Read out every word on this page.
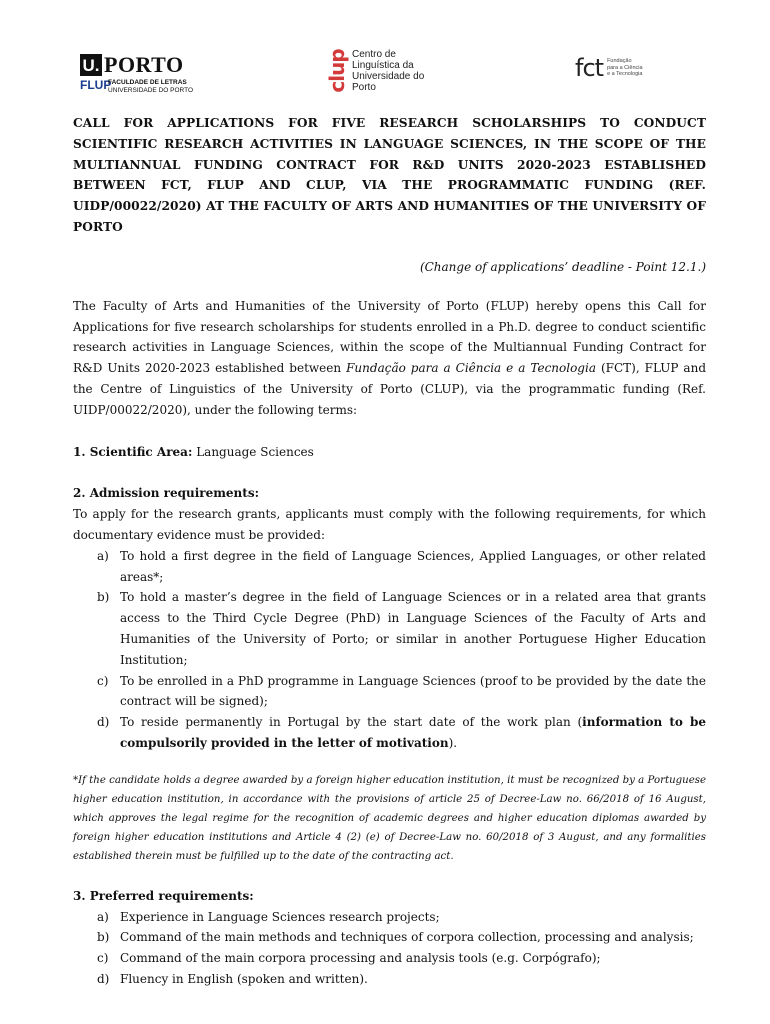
U. PORTO
FLUP
FACULDADE DE LETRAS
UNIVERSIDADE DO PORTO	clup Centro de
Linguística da
Universidade do
Porto
fct Fundação
para a Ciência
e a Tecnologia
CALL FOR APPLICATIONS FOR FIVE RESEARCH SCHOLARSHIPS TO CONDUCT SCIENTIFIC RESEARCH ACTIVITIES IN LANGUAGE SCIENCES, IN THE SCOPE OF THE MULTIANNUAL FUNDING CONTRACT FOR R&D UNITS 2020-2023 ESTABLISHED BETWEEN FCT, FLUP AND CLUP, VIA THE PROGRAMMATIC FUNDING (REF. UIDP/00022/2020) AT THE FACULTY OF ARTS AND HUMANITIES OF THE UNIVERSITY OF PORTO
(Change of applications’ deadline - Point 12.1.)

The Faculty of Arts and Humanities of the University of Porto (FLUP) hereby opens this Call for Applications for five research scholarships for students enrolled in a Ph.D. degree to conduct scientific research activities in Language Sciences, within the scope of the Multiannual Funding Contract for R&D Units 2020-2023 established between Fundação para a Ciência e a Tecnologia (FCT), FLUP and the Centre of Linguistics of the University of Porto (CLUP), via the programmatic funding (Ref. UIDP/00022/2020), under the following terms:

1. Scientific Area: Language Sciences
2. Admission requirements:
To apply for the research grants, applicants must comply with the following requirements, for which documentary evidence must be provided:
a) To hold a first degree in the field of Language Sciences, Applied Languages, or other related areas*;
b) To hold a master’s degree in the field of Language Sciences or in a related area that grants access to the Third Cycle Degree (PhD) in Language Sciences of the Faculty of Arts and Humanities of the University of Porto; or similar in another Portuguese Higher Education Institution;
c) To be enrolled in a PhD programme in Language Sciences (proof to be provided by the date the contract will be signed);
d) To reside permanently in Portugal by the start date of the work plan (information to be compulsorily provided in the letter of motivation).
*If the candidate holds a degree awarded by a foreign higher education institution, it must be recognized by a Portuguese higher education institution, in accordance with the provisions of article 25 of Decree-Law no. 66/2018 of 16 August, which approves the legal regime for the recognition of academic degrees and higher education diplomas awarded by foreign higher education institutions and Article 4 (2) (e) of Decree-Law no. 60/2018 of 3 August, and any formalities established therein must be fulfilled up to the date of the contracting act.
3. Preferred requirements:
a) Experience in Language Sciences research projects;
b) Command of the main methods and techniques of corpora collection, processing and analysis;
c) Command of the main corpora processing and analysis tools (e.g. Corpógrafo);
d) Fluency in English (spoken and written).
